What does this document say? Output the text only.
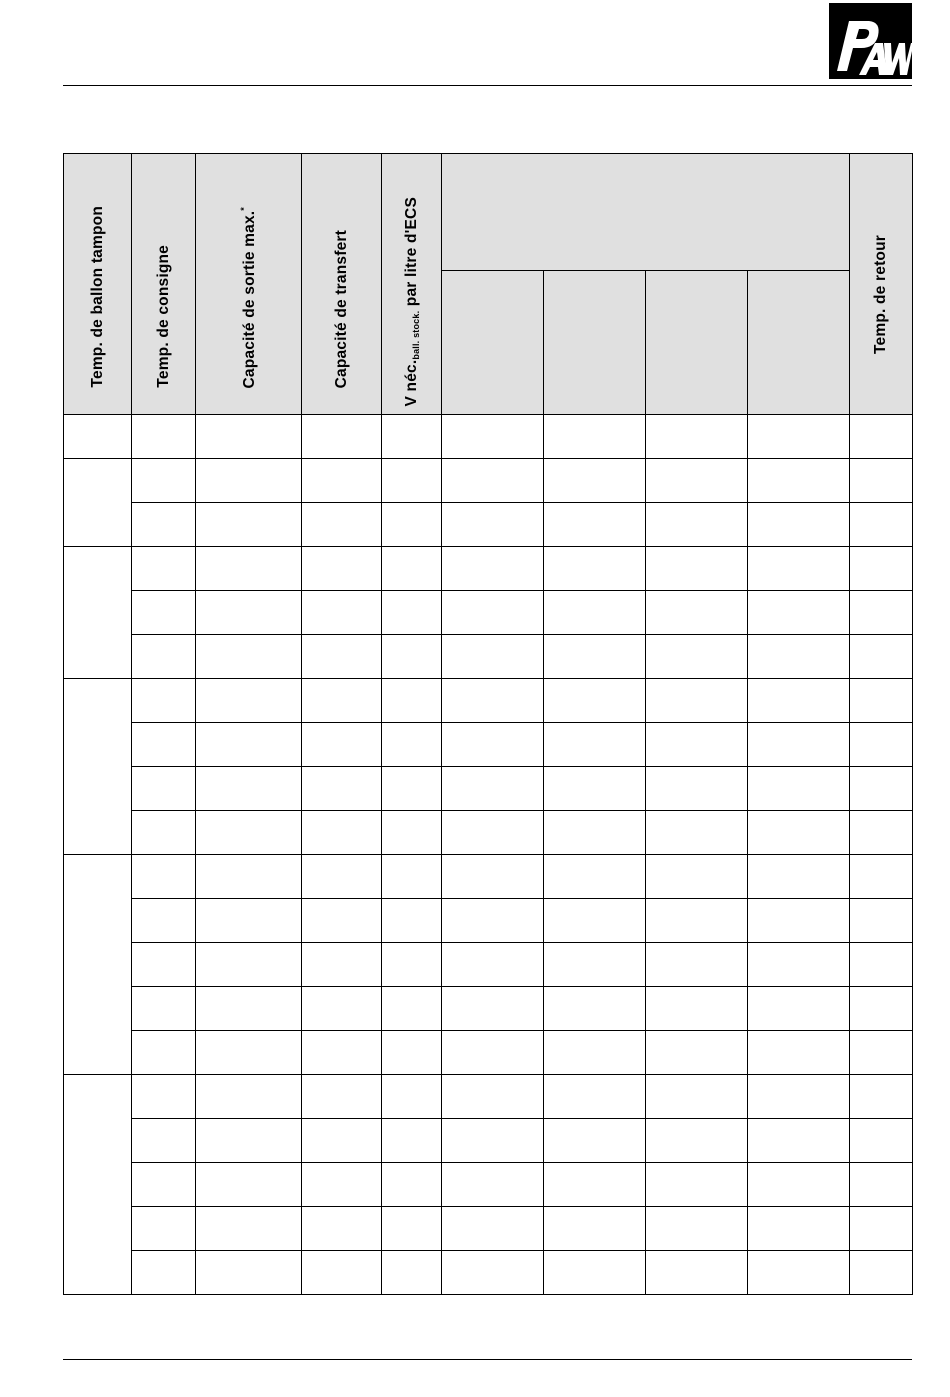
Temp. de ballon tampon	Temp. de consigne	Capacité de sortie max.*	Capacité de transfert	V $néc._{ball. stock.}$ par litre d'ECS					Temp. de retour
